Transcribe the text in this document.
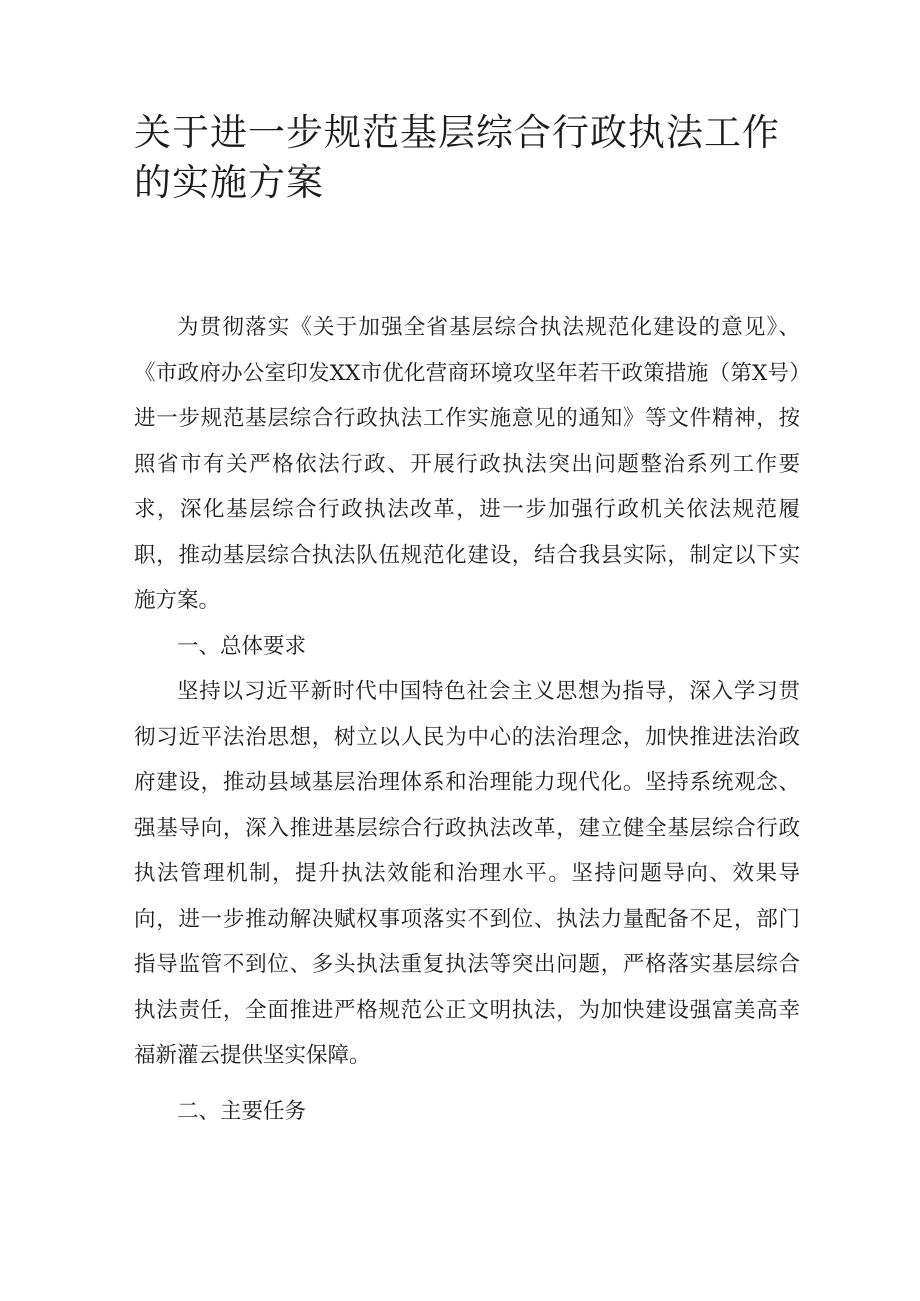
关于进一步规范基层综合行政执法工作的实施方案

为贯彻落实《关于加强全省基层综合执法规范化建设的意见》、《市政府办公室印发XX市优化营商环境攻坚年若干政策措施（第X号）进一步规范基层综合行政执法工作实施意见的通知》等文件精神，按照省市有关严格依法行政、开展行政执法突出问题整治系列工作要求，深化基层综合行政执法改革，进一步加强行政机关依法规范履职，推动基层综合执法队伍规范化建设，结合我县实际，制定以下实施方案。

一、总体要求

坚持以习近平新时代中国特色社会主义思想为指导，深入学习贯彻习近平法治思想，树立以人民为中心的法治理念，加快推进法治政府建设，推动县域基层治理体系和治理能力现代化。坚持系统观念、强基导向，深入推进基层综合行政执法改革，建立健全基层综合行政执法管理机制，提升执法效能和治理水平。坚持问题导向、效果导向，进一步推动解决赋权事项落实不到位、执法力量配备不足，部门指导监管不到位、多头执法重复执法等突出问题，严格落实基层综合执法责任，全面推进严格规范公正文明执法，为加快建设强富美高幸福新灌云提供坚实保障。

二、主要任务
